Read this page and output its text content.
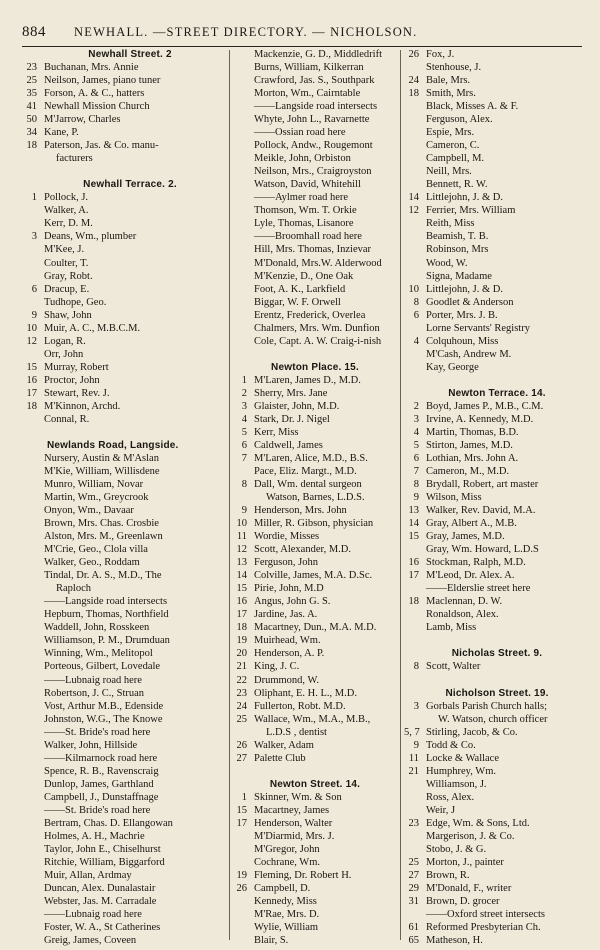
884 NEWHALL. —STREET DIRECTORY. — NICHOLSON.
Newhall Street. 2
23 Buchanan, Mrs. Annie
25 Neilson, James, piano tuner
35 Forson, A. & C., hatters
41 Newhall Mission Church
50 M'Jarrow, Charles
34 Kane, P.
18 Paterson, Jas. & Co. manu-
facturers
Newhall Terrace. 2.
1 Pollock, J.
Walker, A.
Kerr, D. M.
3 Deans, Wm., plumber
M'Kee, J.
Coulter, T.
Gray, Robt.
6 Dracup, E.
Tudhope, Geo.
9 Shaw, John
10 Muir, A. C., M.B.C.M.
12 Logan, R.
Orr, John
15 Murray, Robert
16 Proctor, John
17 Stewart, Rev. J.
18 M'Kinnon, Archd.
Connal, R.
Newlands Road, Langside.
Nursery, Austin & M'Aslan
M'Kie, William, Willisdene
Munro, William, Novar
Martin, Wm., Greycrook
Onyon, Wm., Davaar
Brown, Mrs. Chas. Crosbie
Alston, Mrs. M., Greenlawn
M'Crie, Geo., Clola villa
Walker, Geo., Roddam
Tindal, Dr. A. S., M.D., The
Raploch
——Langside road intersects
Hepburn, Thomas, Northfield
Waddell, John, Rosskeen
Williamson, P. M., Drumduan
Winning, Wm., Melitopol
Porteous, Gilbert, Lovedale
——Lubnaig road here
Robertson, J. C., Struan
Vost, Arthur M.B., Edenside
Johnston, W.G., The Knowe
——St. Bride's road here
Walker, John, Hillside
——Kilmarnock road here
Spence, R. B., Ravenscraig
Dunlop, James, Garthland
Campbell, J., Dunstaffnage
——St. Bride's road here
Bertram, Chas. D. Ellangowan
Holmes, A. H., Machrie
Taylor, John E., Chiselhurst
Ritchie, William, Biggarford
Muir, Allan, Ardmay
Duncan, Alex. Dunalastair
Webster, Jas. M. Carradale
——Lubnaig road here
Foster, W. A., St Catherines
Greig, James, Coveen
Mackenzie, G. D., Middledrift
Burns, William, Kilkerran
Crawford, Jas. S., Southpark
Morton, Wm., Cairntable
——Langside road intersects
Whyte, John L., Ravarnette
——Ossian road here
Pollock, Andw., Rougemont
Meikle, John, Orbiston
Neilson, Mrs., Craigroyston
Watson, David, Whitehill
——Aylmer road here
Thomson, Wm. T. Orkie
Lyle, Thomas, Lisanore
——Broomhall road here
Hill, Mrs. Thomas, Inzievar
M'Donald, Mrs.W. Alderwood
M'Kenzie, D., One Oak
Foot, A. K., Larkfield
Biggar, W. F. Orwell
Erentz, Frederick, Overlea
Chalmers, Mrs. Wm. Dunfion
Cole, Capt. A. W. Craig-i-nish
Newton Place. 15.
1 M'Laren, James D., M.D.
2 Sherry, Mrs. Jane
3 Glaister, John, M.D.
4 Stark, Dr. J. Nigel
5 Kerr, Miss
6 Caldwell, James
7 M'Laren, Alice, M.D., B.S.
Pace, Eliz. Margt., M.D.
8 Dall, Wm. dental surgeon
Watson, Barnes, L.D.S.
9 Henderson, Mrs. John
10 Miller, R. Gibson, physician
11 Wordie, Misses
12 Scott, Alexander, M.D.
13 Ferguson, John
14 Colville, James, M.A. D.Sc.
15 Pirie, John, M.D
16 Angus, John G. S.
17 Jardine, Jas. A.
18 Macartney, Dun., M.A. M.D.
19 Muirhead, Wm.
20 Henderson, A. P.
21 King, J. C.
22 Drummond, W.
23 Oliphant, E. H. L., M.D.
24 Fullerton, Robt. M.D.
25 Wallace, Wm., M.A., M.B.,
L.D.S , dentist
26 Walker, Adam
27 Palette Club
Newton Street. 14.
1 Skinner, Wm. & Son
15 Macartney, James
17 Henderson, Walter
M'Diarmid, Mrs. J.
M'Gregor, John
Cochrane, Wm.
19 Fleming, Dr. Robert H.
26 Campbell, D.
Kennedy, Miss
M'Rae, Mrs. D.
Wylie, William
Blair, S.
26 Fox, J.
Stenhouse, J.
24 Bale, Mrs.
18 Smith, Mrs.
Black, Misses A. & F.
Ferguson, Alex.
Espie, Mrs.
Cameron, C.
Campbell, M.
Neill, Mrs.
Bennett, R. W.
14 Littlejohn, J. & D.
12 Ferrier, Mrs. William
Reith, Miss
Beamish, T. B.
Robinson, Mrs
Wood, W.
Signa, Madame
10 Littlejohn, J. & D.
8 Goodlet & Anderson
6 Porter, Mrs. J. B.
Lorne Servants' Registry
4 Colquhoun, Miss
M'Cash, Andrew M.
Kay, George
Newton Terrace. 14.
2 Boyd, James P., M.B., C.M.
3 Irvine, A. Kennedy, M.D.
4 Martin, Thomas, B.D.
5 Stirton, James, M.D.
6 Lothian, Mrs. John A.
7 Cameron, M., M.D.
8 Brydall, Robert, art master
9 Wilson, Miss
13 Walker, Rev. David, M.A.
14 Gray, Albert A., M.B.
15 Gray, James, M.D.
Gray, Wm. Howard, L.D.S
16 Stockman, Ralph, M.D.
17 M'Leod, Dr. Alex. A.
——Elderslie street here
18 Maclennan, D. W.
Ronaldson, Alex.
Lamb, Miss
Nicholas Street. 9.
8 Scott, Walter
Nicholson Street. 19.
3 Gorbals Parish Church halls;
W. Watson, church officer
5, 7 Stirling, Jacob, & Co.
9 Todd & Co.
11 Locke & Wallace
21 Humphrey, Wm.
Williamson, J.
Ross, Alex.
Weir, J
23 Edge, Wm. & Sons, Ltd.
Margerison, J. & Co.
Stobo, J. & G.
25 Morton, J., painter
27 Brown, R.
29 M'Donald, F., writer
31 Brown, D. grocer
——Oxford street intersects
61 Reformed Presbyterian Ch.
65 Matheson, H.
